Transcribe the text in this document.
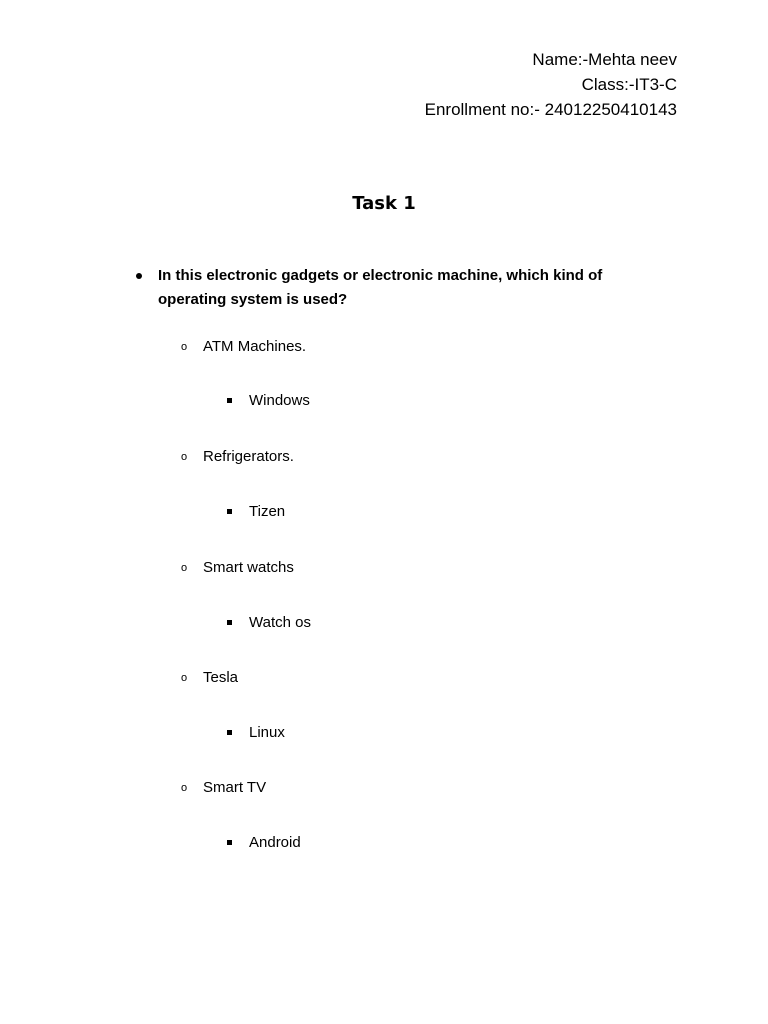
Name:-Mehta neev
Class:-IT3-C
Enrollment no:- 24012250410143
Task 1
In this electronic gadgets or electronic machine, which kind of operating system is used?
o ATM Machines.
Windows
o Refrigerators.
Tizen
o Smart watchs
Watch os
o Tesla
Linux
o Smart TV
Android
